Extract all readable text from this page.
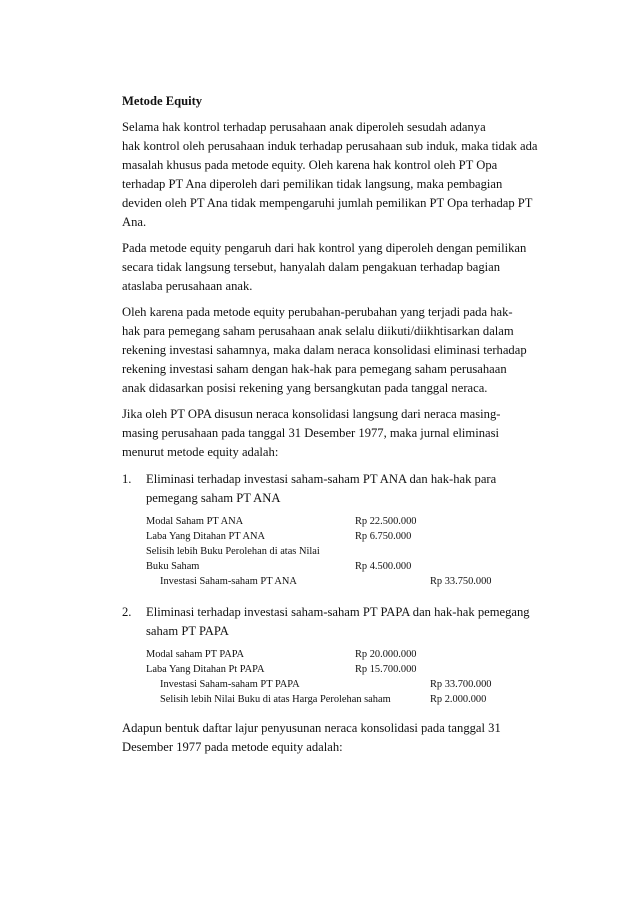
Metode Equity
Selama hak kontrol terhadap perusahaan anak diperoleh sesudah adanya
hak kontrol oleh perusahaan induk terhadap perusahaan sub induk, maka tidak ada
masalah khusus pada metode equity. Oleh karena hak kontrol oleh PT Opa
terhadap PT Ana diperoleh dari pemilikan tidak langsung, maka pembagian
deviden oleh PT Ana tidak mempengaruhi jumlah pemilikan PT Opa terhadap PT
Ana.
Pada metode equity pengaruh dari hak kontrol yang diperoleh dengan pemilikan
secara tidak langsung tersebut, hanyalah dalam pengakuan terhadap bagian
ataslaba perusahaan anak.
Oleh karena pada metode equity perubahan-perubahan yang terjadi pada hak-
hak para pemegang saham perusahaan anak selalu diikuti/diikhtisarkan dalam
rekening investasi sahamnya, maka dalam neraca konsolidasi eliminasi terhadap
rekening investasi saham dengan hak-hak para pemegang saham perusahaan
anak didasarkan posisi rekening yang bersangkutan pada tanggal neraca.
Jika oleh PT OPA disusun neraca konsolidasi langsung dari neraca masing-
masing perusahaan pada tanggal 31 Desember 1977, maka jurnal eliminasi
menurut metode equity adalah:
1. Eliminasi terhadap investasi saham-saham PT ANA dan hak-hak para
pemegang saham PT ANA
Modal Saham PT ANA	Rp 22.500.000
Laba Yang Ditahan PT ANA	Rp 6.750.000
Selisih lebih Buku Perolehan di atas Nilai
Buku Saham	Rp 4.500.000
Investasi Saham-saham PT ANA	Rp 33.750.000
2. Eliminasi terhadap investasi saham-saham PT PAPA dan hak-hak pemegang
saham PT PAPA
Modal saham PT PAPA	Rp 20.000.000
Laba Yang Ditahan Pt PAPA	Rp 15.700.000
Investasi Saham-saham PT PAPA	Rp 33.700.000
Selisih lebih Nilai Buku di atas Harga Perolehan saham	Rp 2.000.000
Adapun bentuk daftar lajur penyusunan neraca konsolidasi pada tanggal 31
Desember 1977 pada metode equity adalah:
